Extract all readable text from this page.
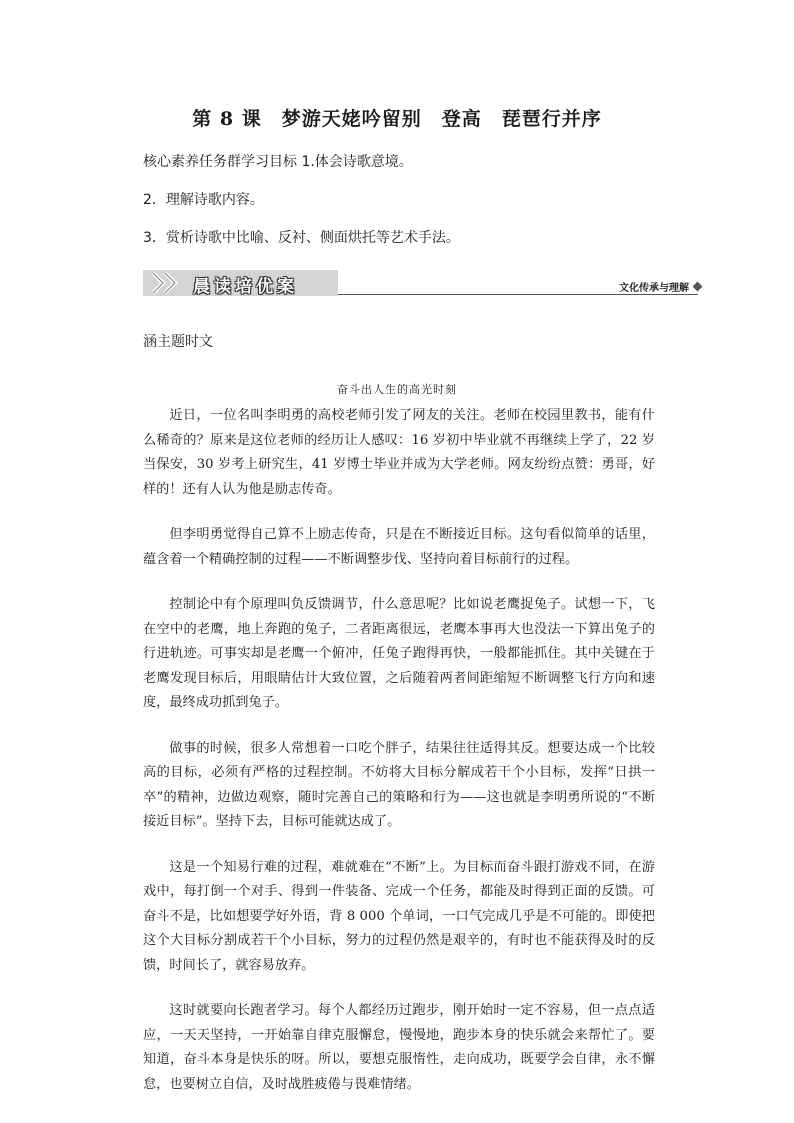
第 8 课　梦游天姥吟留别　登高　琵琶行并序
核心素养任务群学习目标 1.体会诗歌意境。
2．理解诗歌内容。
3．赏析诗歌中比喻、反衬、侧面烘托等艺术手法。
晨读培优案	文化传承与理解
涵主题时文
奋斗出人生的高光时刻

近日，一位名叫李明勇的高校老师引发了网友的关注。老师在校园里教书，能有什么稀奇的？原来是这位老师的经历让人感叹：16 岁初中毕业就不再继续上学了，22 岁当保安，30 岁考上研究生，41 岁博士毕业并成为大学老师。网友纷纷点赞：勇哥，好样的！还有人认为他是励志传奇。

但李明勇觉得自己算不上励志传奇，只是在不断接近目标。这句看似简单的话里，蕴含着一个精确控制的过程——不断调整步伐、坚持向着目标前行的过程。

控制论中有个原理叫负反馈调节，什么意思呢？比如说老鹰捉兔子。试想一下，飞在空中的老鹰，地上奔跑的兔子，二者距离很远，老鹰本事再大也没法一下算出兔子的行进轨迹。可事实却是老鹰一个俯冲，任兔子跑得再快，一般都能抓住。其中关键在于老鹰发现目标后，用眼睛估计大致位置，之后随着两者间距缩短不断调整飞行方向和速度，最终成功抓到兔子。

做事的时候，很多人常想着一口吃个胖子，结果往往适得其反。想要达成一个比较高的目标，必须有严格的过程控制。不妨将大目标分解成若干个小目标，发挥“日拱一卒”的精神，边做边观察，随时完善自己的策略和行为——这也就是李明勇所说的“不断接近目标”。坚持下去，目标可能就达成了。

这是一个知易行难的过程，难就难在“不断”上。为目标而奋斗跟打游戏不同，在游戏中，每打倒一个对手、得到一件装备、完成一个任务，都能及时得到正面的反馈。可奋斗不是，比如想要学好外语，背 8 000 个单词，一口气完成几乎是不可能的。即使把这个大目标分割成若干个小目标，努力的过程仍然是艰辛的，有时也不能获得及时的反馈，时间长了，就容易放弃。

这时就要向长跑者学习。每个人都经历过跑步，刚开始时一定不容易，但一点点适应，一天天坚持，一开始靠自律克服懈怠，慢慢地，跑步本身的快乐就会来帮忙了。要知道，奋斗本身是快乐的呀。所以，要想克服惰性，走向成功，既要学会自律，永不懈怠，也要树立自信，及时战胜疲倦与畏难情绪。
